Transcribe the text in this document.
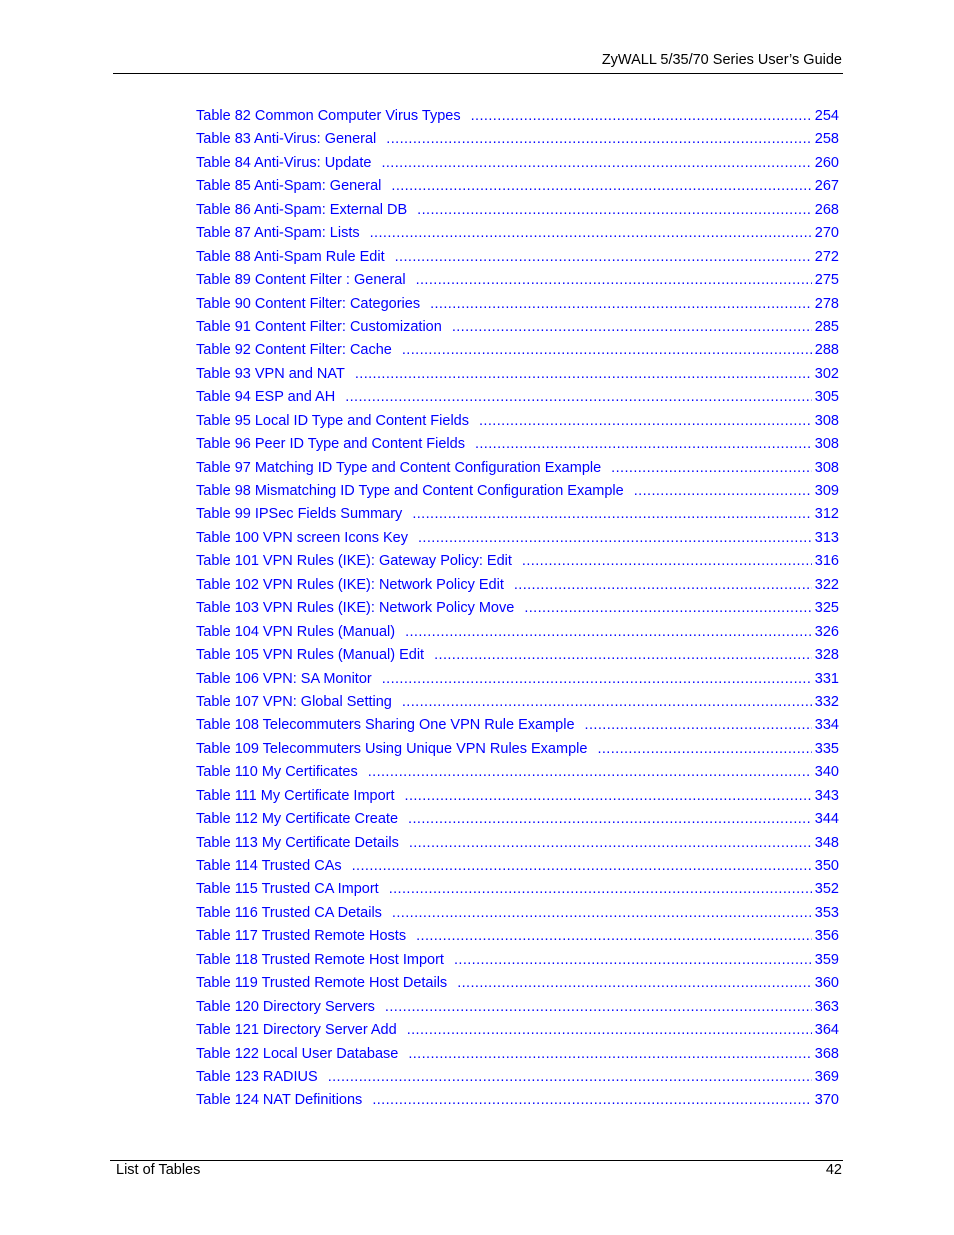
ZyWALL 5/35/70 Series User’s Guide
Table 82 Common Computer Virus Types .....	254
Table 83 Anti-Virus: General .....	258
Table 84 Anti-Virus: Update .....	260
Table 85 Anti-Spam: General .....	267
Table 86 Anti-Spam: External DB .....	268
Table 87 Anti-Spam: Lists .....	270
Table 88 Anti-Spam Rule Edit .....	272
Table 89 Content Filter : General .....	275
Table 90 Content Filter: Categories .....	278
Table 91 Content Filter: Customization .....	285
Table 92 Content Filter: Cache .....	288
Table 93 VPN and NAT .....	302
Table 94 ESP and AH .....	305
Table 95 Local ID Type and Content Fields .....	308
Table 96 Peer ID Type and Content Fields .....	308
Table 97 Matching ID Type and Content Configuration Example .....	308
Table 98 Mismatching ID Type and Content Configuration Example .....	309
Table 99 IPSec Fields Summary .....	312
Table 100 VPN screen Icons Key .....	313
Table 101 VPN Rules (IKE): Gateway Policy: Edit .....	316
Table 102 VPN Rules (IKE): Network Policy Edit .....	322
Table 103 VPN Rules (IKE): Network Policy Move .....	325
Table 104 VPN Rules (Manual) .....	326
Table 105 VPN Rules (Manual) Edit .....	328
Table 106 VPN: SA Monitor .....	331
Table 107 VPN: Global Setting .....	332
Table 108 Telecommuters Sharing One VPN Rule Example .....	334
Table 109 Telecommuters Using Unique VPN Rules Example .....	335
Table 110 My Certificates .....	340
Table 111 My Certificate Import .....	343
Table 112 My Certificate Create .....	344
Table 113 My Certificate Details .....	348
Table 114 Trusted CAs .....	350
Table 115 Trusted CA Import .....	352
Table 116 Trusted CA Details .....	353
Table 117 Trusted Remote Hosts .....	356
Table 118 Trusted Remote Host Import .....	359
Table 119 Trusted Remote Host Details .....	360
Table 120 Directory Servers .....	363
Table 121 Directory Server Add .....	364
Table 122 Local User Database .....	368
Table 123 RADIUS .....	369
Table 124 NAT Definitions .....	370
List of Tables	42
